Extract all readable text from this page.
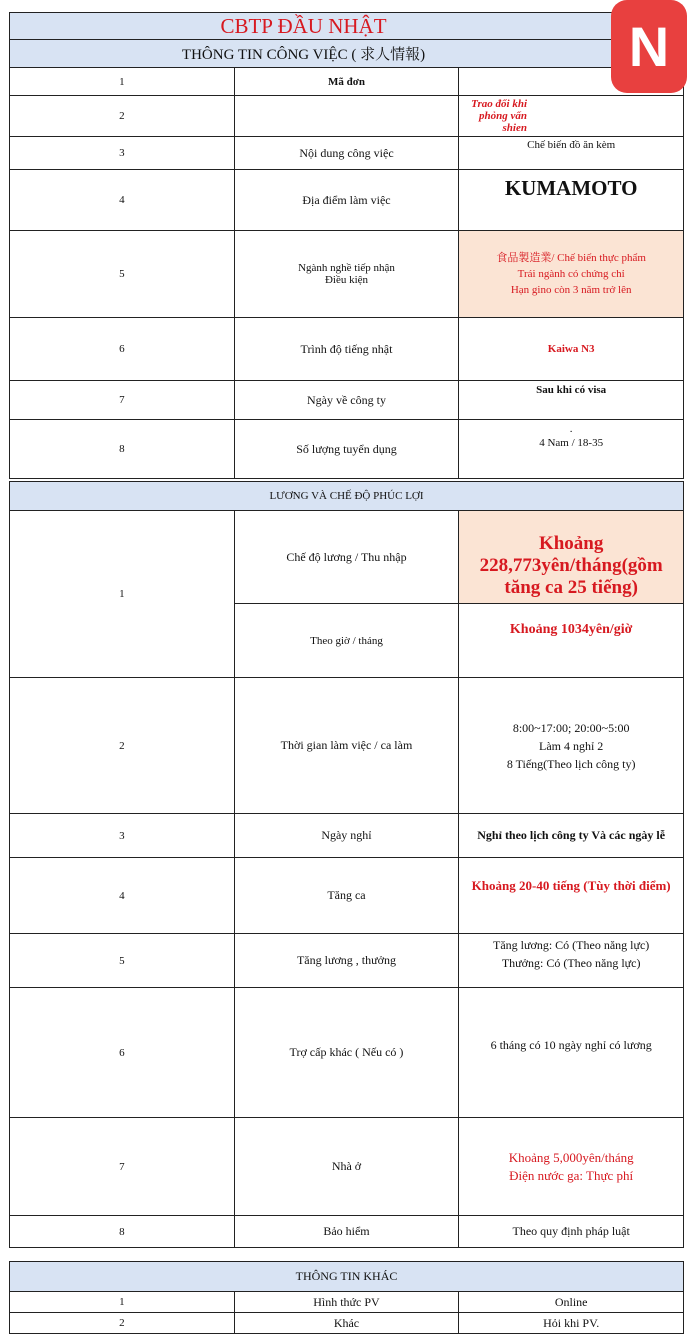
CBTP ĐẦU NHẬT		
THÔNG TIN CÔNG VIỆC ( 求人情報)		
1	Mã đơn	
2		Trao đổi khi phỏng vấn shien
3	Nội dung công việc	Chế biến đồ ăn kèm
4	Địa điểm làm việc	KUMAMOTO
5	Ngành nghề tiếp nhận
Điều kiện	食品製造業/ Chế biến thực phẩm
Trái ngành có chứng chỉ
Hạn gino còn 3 năm trở lên
6	Trình độ tiếng nhật	Kaiwa N3
7	Ngày về công ty	Sau khi có visa
8	Số lượng tuyển dụng	.
4 Nam / 18-35
N
LƯƠNG VÀ CHẾ ĐỘ PHÚC LỢI		
1	Chế độ lương / Thu nhập	Khoảng 228,773yên/tháng(gồm tăng ca 25 tiếng)
	Theo giờ / tháng	Khoảng 1034yên/giờ
2	Thời gian làm việc / ca làm	8:00~17:00; 20:00~5:00
Làm 4 nghỉ 2
8 Tiếng(Theo lịch công ty)
3	Ngày nghỉ	Nghỉ theo lịch công ty Và các ngày lễ
4	Tăng ca	Khoảng 20-40 tiếng (Tùy thời điểm)
5	Tăng lương , thưởng	Tăng lương: Có (Theo năng lực)
Thưởng: Có (Theo năng lực)
6	Trợ cấp khác ( Nếu có )	6 tháng có 10 ngày nghỉ có lương
7	Nhà ở	Khoảng 5,000yên/tháng
Điện nước ga: Thực phí
8	Bảo hiểm	Theo quy định pháp luật
THÔNG TIN KHÁC		
1	Hình thức PV	Online
2	Khác	Hỏi khi PV.
